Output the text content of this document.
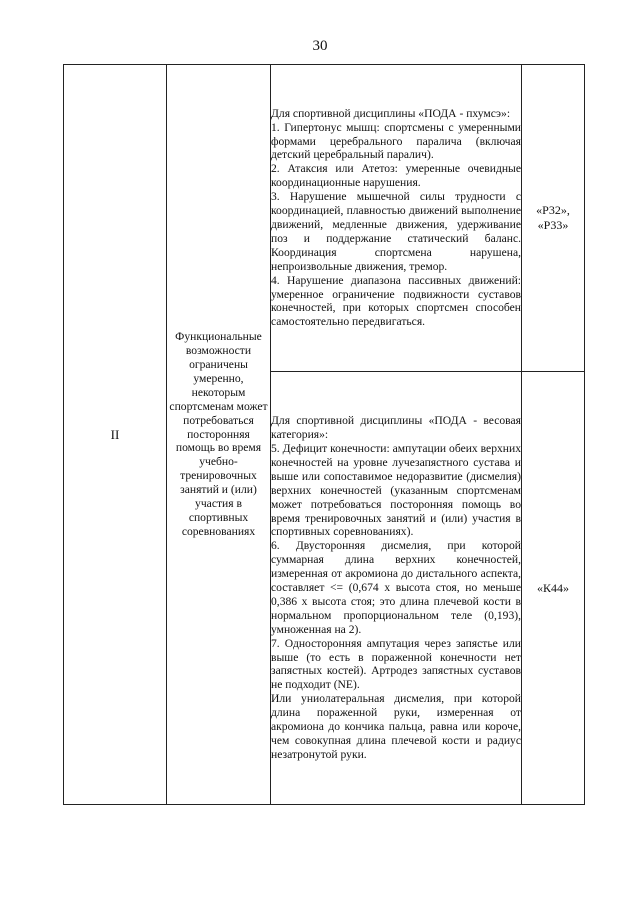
30
II	Функциональные возможности ограничены умеренно, некоторым спортсменам может потребоваться посторонняя помощь во время учебно-тренировочных занятий и (или) участия в спортивных соревнованиях	Для спортивной дисциплины «ПОДА - пхумсэ»:

1. Гипертонус мышц: спортсмены с умеренными формами церебрального паралича (включая детский церебральный паралич).

2. Атаксия или Атетоз: умеренные очевидные координационные нарушения.

3. Нарушение мышечной силы трудности с координацией, плавностью движений выполнение движений, медленные движения, удерживание поз и поддержание статический баланс. Координация спортсмена нарушена, непроизвольные движения, тремор.

4. Нарушение диапазона пассивных движений: умеренное ограничение подвижности суставов конечностей, при которых спортсмен способен самостоятельно передвигаться.	«Р32», «Р33»

		Для спортивной дисциплины «ПОДА - весовая категория»:

5. Дефицит конечности: ампутации обеих верхних конечностей на уровне лучезапястного сустава и выше или сопоставимое недоразвитие (дисмелия) верхних конечностей (указанным спортсменам может потребоваться посторонняя помощь во время тренировочных занятий и (или) участия в спортивных соревнованиях).

6. Двусторонняя дисмелия, при которой суммарная длина верхних конечностей, измеренная от акромиона до дистального аспекта, составляет <= (0,674 х высота стоя, но меньше 0,386 х высота стоя; это длина плечевой кости в нормальном пропорциональном теле (0,193), умноженная на 2).

7. Односторонняя ампутация через запястье или выше (то есть в пораженной конечности нет запястных костей). Артродез запястных суставов не подходит (NE).

Или униолатеральная дисмелия, при которой длина пораженной руки, измеренная от акромиона до кончика пальца, равна или короче, чем совокупная длина плечевой кости и радиус незатронутой руки.	«К44»
